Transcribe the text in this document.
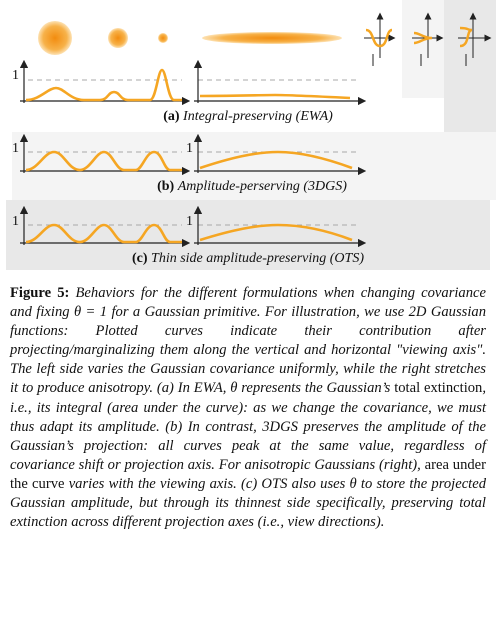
1
(a) Integral-preserving (EWA)
1	1
(b) Amplitude-perserving (3DGS)
1	1
(c) Thin side amplitude-preserving (OTS)
Figure 5: Behaviors for the different formulations when changing covariance and fixing θ = 1 for a Gaussian primitive. For illustration, we use 2D Gaussian functions: Plotted curves indicate their contribution after projecting/marginalizing them along the vertical and horizontal "viewing axis". The left side varies the Gaussian covariance uniformly, while the right stretches it to produce anisotropy. (a) In EWA, θ represents the Gaussian’s total extinction, i.e., its integral (area under the curve): as we change the covariance, we must thus adapt its amplitude. (b) In contrast, 3DGS preserves the amplitude of the Gaussian’s projection: all curves peak at the same value, regardless of covariance shift or projection axis. For anisotropic Gaussians (right), area under the curve varies with the viewing axis. (c) OTS also uses θ to store the projected Gaussian amplitude, but through its thinnest side specifically, preserving total extinction across different projection axes (i.e., view directions).
